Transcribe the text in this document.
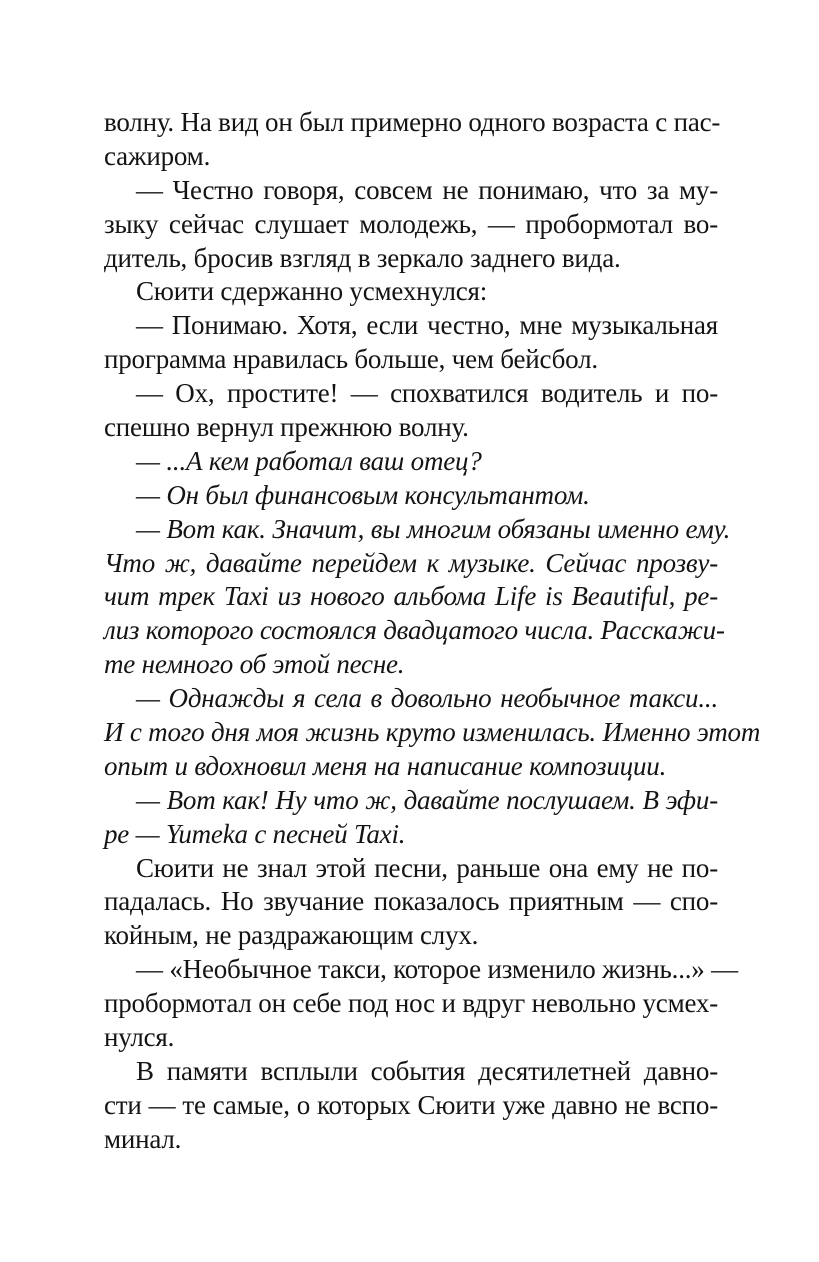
волну. На вид он был примерно одного возраста с пас-
сажиром.
— Честно говоря, совсем не понимаю, что за му-
зыку сейчас слушает молодежь, — пробормотал во-
дитель, бросив взгляд в зеркало заднего вида.
Сюити сдержанно усмехнулся:
— Понимаю. Хотя, если честно, мне музыкальная
программа нравилась больше, чем бейсбол.
— Ох, простите! — спохватился водитель и по-
спешно вернул прежнюю волну.
— ...А кем работал ваш отец?
— Он был финансовым консультантом.
— Вот как. Значит, вы многим обязаны именно ему.
Что ж, давайте перейдем к музыке. Сейчас прозву-
чит трек Taxi из нового альбома Life is Beautiful, ре-
лиз которого состоялся двадцатого числа. Расскажи-
те немного об этой песне.
— Однажды я села в довольно необычное такси...
И с того дня моя жизнь круто изменилась. Именно этот
опыт и вдохновил меня на написание композиции.
— Вот как! Ну что ж, давайте послушаем. В эфи-
ре — Yumeka с песней Taxi.
Сюити не знал этой песни, раньше она ему не по-
падалась. Но звучание показалось приятным — спо-
койным, не раздражающим слух.
— «Необычное такси, которое изменило жизнь...» —
пробормотал он себе под нос и вдруг невольно усмех-
нулся.
В памяти всплыли события десятилетней давно-
сти — те самые, о которых Сюити уже давно не вспо-
минал.
